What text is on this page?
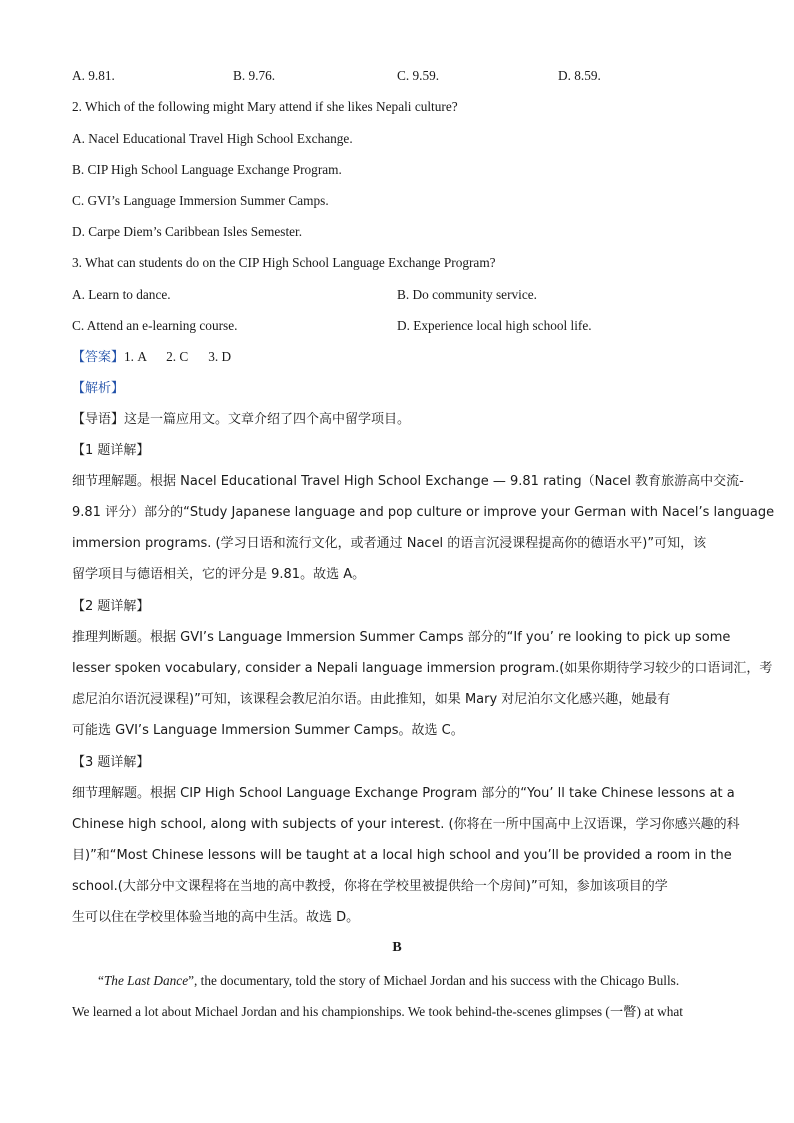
A. 9.81.	B. 9.76.	C. 9.59.	D. 8.59.
2. Which of the following might Mary attend if she likes Nepali culture?
A. Nacel Educational Travel High School Exchange.
B. CIP High School Language Exchange Program.
C. GVI’s Language Immersion Summer Camps.
D. Carpe Diem’s Caribbean Isles Semester.
3. What can students do on the CIP High School Language Exchange Program?
A. Learn to dance.	B. Do community service.
C. Attend an e-learning course.	D. Experience local high school life.
【答案】1. A      2. C      3. D
【解析】
【导语】这是一篇应用文。文章介绍了四个高中留学项目。
【1 题详解】
细节理解题。根据 Nacel Educational Travel High School Exchange — 9.81 rating（Nacel 教育旅游高中交流-
9.81 评分）部分的“Study Japanese language and pop culture or improve your German with Nacel’s language
immersion programs. (学习日语和流行文化，或者通过 Nacel 的语言沉浸课程提高你的德语水平)”可知，该
留学项目与德语相关，它的评分是 9.81。故选 A。
【2 题详解】
推理判断题。根据 GVI’s Language Immersion Summer Camps 部分的“If you’ re looking to pick up some
lesser spoken vocabulary, consider a Nepali language immersion program.(如果你期待学习较少的口语词汇，考
虑尼泊尔语沉浸课程)”可知，该课程会教尼泊尔语。由此推知，如果 Mary 对尼泊尔文化感兴趣，她最有
可能选 GVI’s Language Immersion Summer Camps。故选 C。
【3 题详解】
细节理解题。根据 CIP High School Language Exchange Program 部分的“You’ ll take Chinese lessons at a
Chinese high school, along with subjects of your interest. (你将在一所中国高中上汉语课，学习你感兴趣的科
目)”和“Most Chinese lessons will be taught at a local high school and you’ll be provided a room in the
school.(大部分中文课程将在当地的高中教授，你将在学校里被提供给一个房间)”可知，参加该项目的学
生可以住在学校里体验当地的高中生活。故选 D。
B
“The Last Dance”, the documentary, told the story of Michael Jordan and his success with the Chicago Bulls.
We learned a lot about Michael Jordan and his championships. We took behind-the-scenes glimpses (一瞥) at what
